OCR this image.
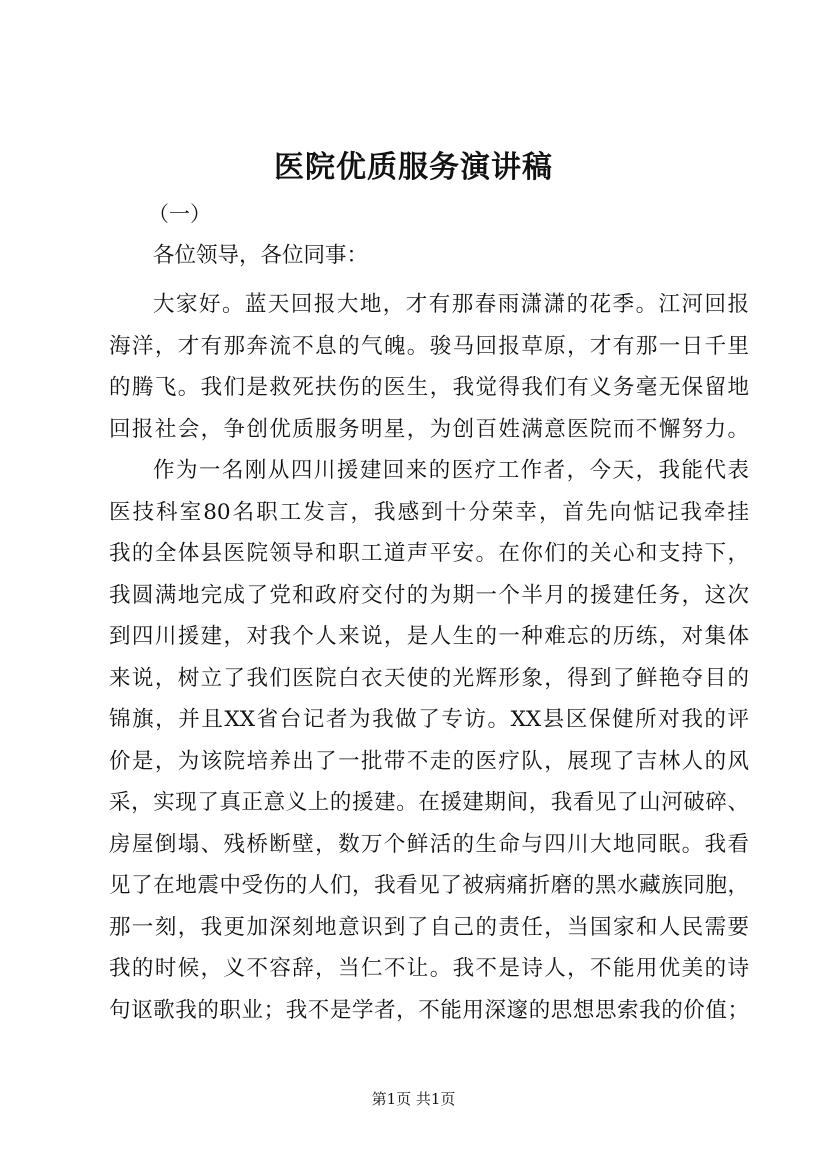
医院优质服务演讲稿
（一）
各位领导，各位同事：
大家好。蓝天回报大地，才有那春雨潇潇的花季。江河回报
海洋，才有那奔流不息的气魄。骏马回报草原，才有那一日千里
的腾飞。我们是救死扶伤的医生，我觉得我们有义务毫无保留地
回报社会，争创优质服务明星，为创百姓满意医院而不懈努力。
作为一名刚从四川援建回来的医疗工作者，今天，我能代表
医技科室80名职工发言，我感到十分荣幸，首先向惦记我牵挂
我的全体县医院领导和职工道声平安。在你们的关心和支持下，
我圆满地完成了党和政府交付的为期一个半月的援建任务，这次
到四川援建，对我个人来说，是人生的一种难忘的历练，对集体
来说，树立了我们医院白衣天使的光辉形象，得到了鲜艳夺目的
锦旗，并且XX省台记者为我做了专访。XX县区保健所对我的评
价是，为该院培养出了一批带不走的医疗队，展现了吉林人的风
采，实现了真正意义上的援建。在援建期间，我看见了山河破碎、
房屋倒塌、残桥断壁，数万个鲜活的生命与四川大地同眠。我看
见了在地震中受伤的人们，我看见了被病痛折磨的黑水藏族同胞，
那一刻，我更加深刻地意识到了自己的责任，当国家和人民需要
我的时候，义不容辞，当仁不让。我不是诗人，不能用优美的诗
句讴歌我的职业；我不是学者，不能用深邃的思想思索我的价值；
第1页 共1页
